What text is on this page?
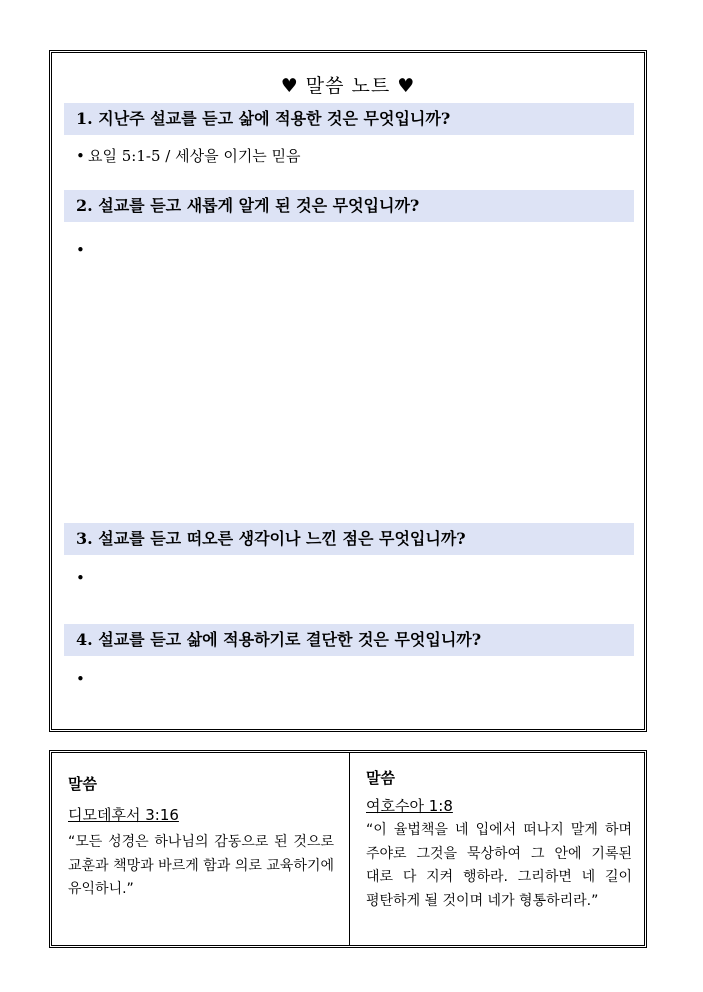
♥ 말씀 노트 ♥
1. 지난주 설교를 듣고 삶에 적용한 것은 무엇입니까?
• 요일 5:1-5 / 세상을 이기는 믿음
2. 설교를 듣고 새롭게 알게 된 것은 무엇입니까?
•
3. 설교를 듣고 떠오른 생각이나 느낀 점은 무엇입니까?
•
4. 설교를 듣고 삶에 적용하기로 결단한 것은 무엇입니까?
•
말씀
디모데후서 3:16
“모든 성경은 하나님의 감동으로 된 것으로 교훈과 책망과 바르게 함과 의로 교육하기에 유익하니.”
말씀
여호수아 1:8
“이 율법책을 네 입에서 떠나지 말게 하며 주야로 그것을 묵상하여 그 안에 기록된 대로 다 지켜 행하라. 그리하면 네 길이 평탄하게 될 것이며 네가 형통하리라.”
